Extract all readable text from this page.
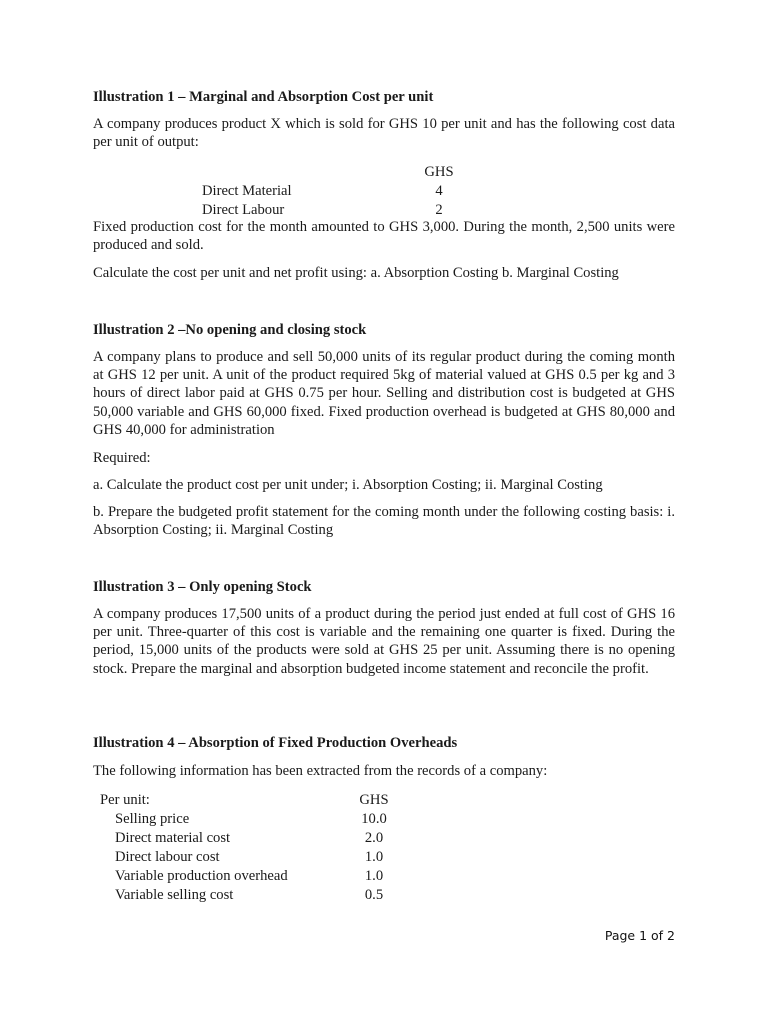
Illustration 1 – Marginal and Absorption Cost per unit

A company produces product X which is sold for GHS 10 per unit and has the following cost data per unit of output:

GHS
Direct Material	4
Direct Labour	2

Fixed production cost for the month amounted to GHS 3,000. During the month, 2,500 units were produced and sold.

Calculate the cost per unit and net profit using: a. Absorption Costing b. Marginal Costing

Illustration 2 –No opening and closing stock

A company plans to produce and sell 50,000 units of its regular product during the coming month at GHS 12 per unit. A unit of the product required 5kg of material valued at GHS 0.5 per kg and 3 hours of direct labor paid at GHS 0.75 per hour. Selling and distribution cost is budgeted at GHS 50,000 variable and GHS 60,000 fixed. Fixed production overhead is budgeted at GHS 80,000 and GHS 40,000 for administration

Required:

a. Calculate the product cost per unit under; i. Absorption Costing; ii. Marginal Costing

b. Prepare the budgeted profit statement for the coming month under the following costing basis: i. Absorption Costing; ii. Marginal Costing

Illustration 3 – Only opening Stock

A company produces 17,500 units of a product during the period just ended at full cost of GHS 16 per unit. Three-quarter of this cost is variable and the remaining one quarter is fixed. During the period, 15,000 units of the products were sold at GHS 25 per unit. Assuming there is no opening stock. Prepare the marginal and absorption budgeted income statement and reconcile the profit.

Illustration 4 – Absorption of Fixed Production Overheads

The following information has been extracted from the records of a company:

Per unit:	GHS
Selling price	10.0
Direct material cost	2.0
Direct labour cost	1.0
Variable production overhead	1.0
Variable selling cost	0.5
Page 1 of 2
